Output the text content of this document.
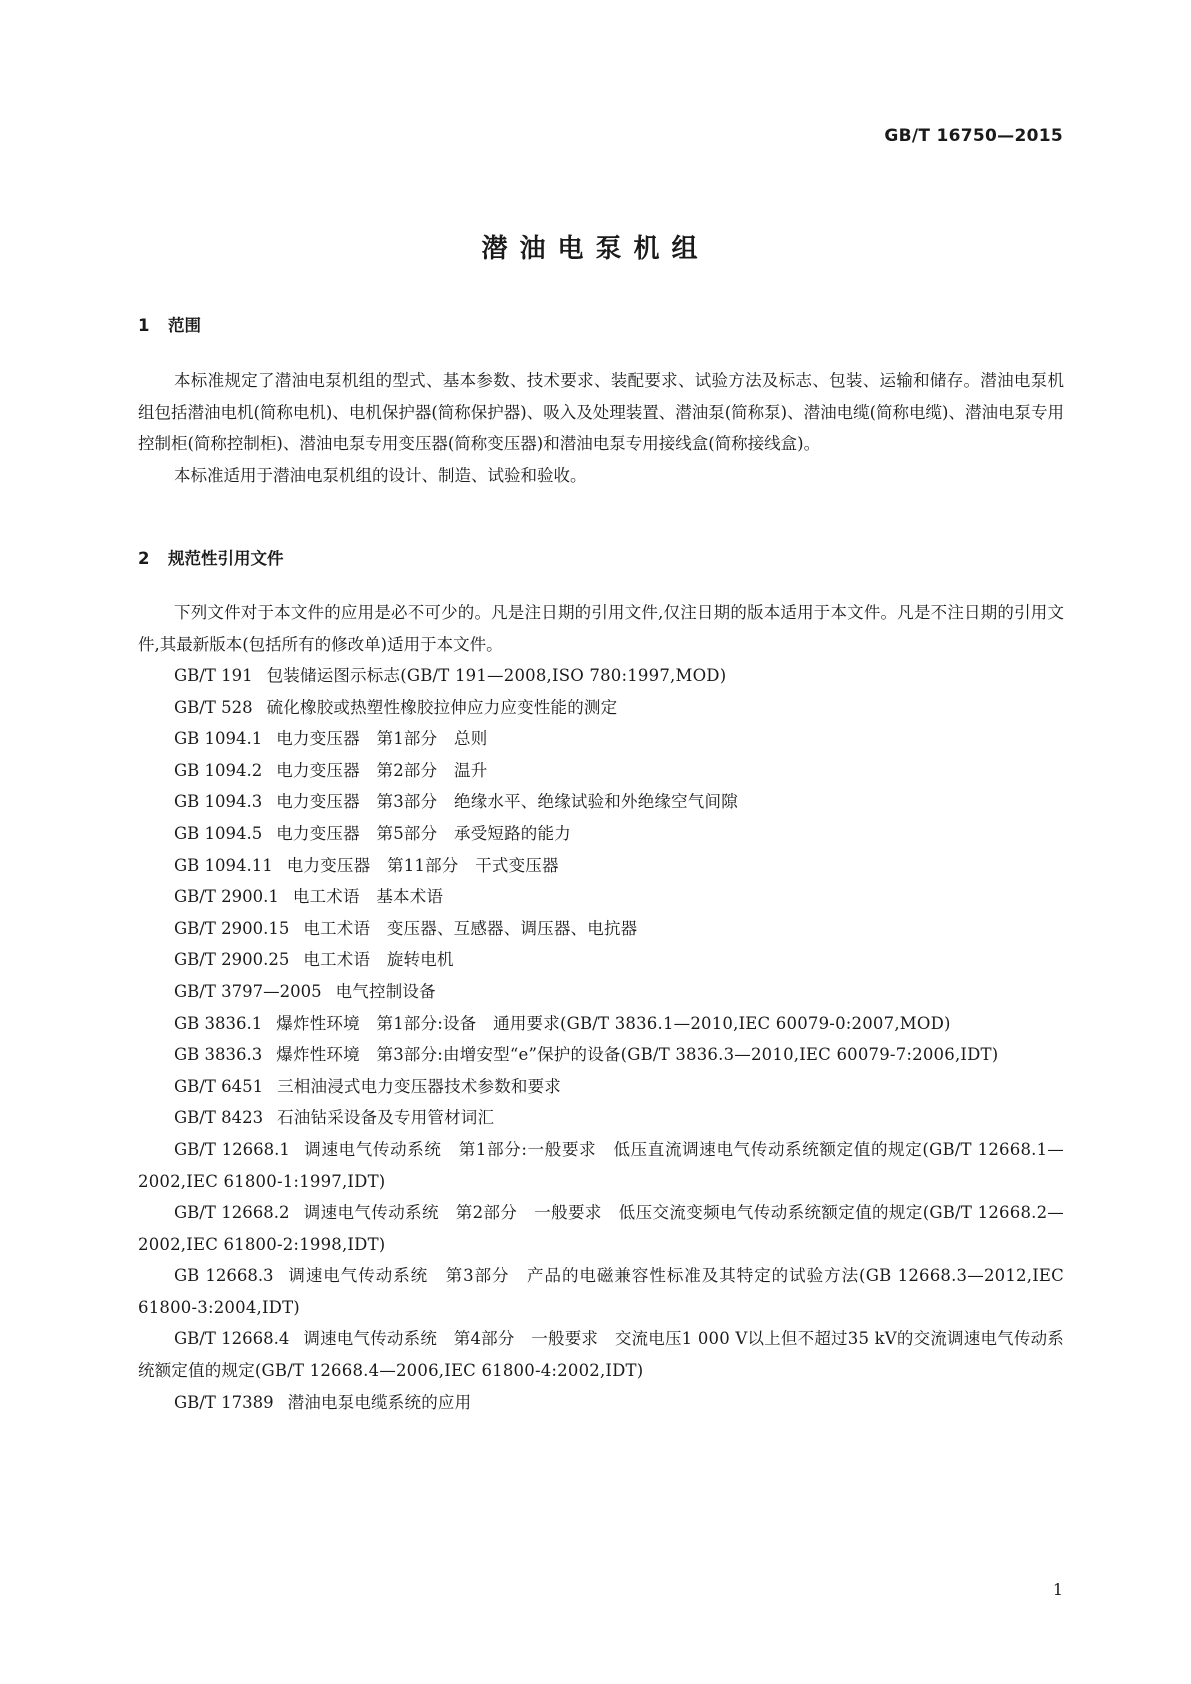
GB/T 16750—2015
潜油电泵机组
1 范围

本标准规定了潜油电泵机组的型式、基本参数、技术要求、装配要求、试验方法及标志、包装、运输和储存。潜油电泵机组包括潜油电机(简称电机)、电机保护器(简称保护器)、吸入及处理装置、潜油泵(简称泵)、潜油电缆(简称电缆)、潜油电泵专用控制柜(简称控制柜)、潜油电泵专用变压器(简称变压器)和潜油电泵专用接线盒(简称接线盒)。

本标准适用于潜油电泵机组的设计、制造、试验和验收。

2 规范性引用文件

下列文件对于本文件的应用是必不可少的。凡是注日期的引用文件,仅注日期的版本适用于本文件。凡是不注日期的引用文件,其最新版本(包括所有的修改单)适用于本文件。

GB/T 191 包装储运图示标志(GB/T 191—2008,ISO 780:1997,MOD)
GB/T 528 硫化橡胶或热塑性橡胶拉伸应力应变性能的测定
GB 1094.1 电力变压器　第1部分　总则
GB 1094.2 电力变压器　第2部分　温升
GB 1094.3 电力变压器　第3部分　绝缘水平、绝缘试验和外绝缘空气间隙
GB 1094.5 电力变压器　第5部分　承受短路的能力
GB 1094.11 电力变压器　第11部分　干式变压器
GB/T 2900.1 电工术语　基本术语
GB/T 2900.15 电工术语　变压器、互感器、调压器、电抗器
GB/T 2900.25 电工术语　旋转电机
GB/T 3797—2005 电气控制设备
GB 3836.1 爆炸性环境　第1部分:设备　通用要求(GB/T 3836.1—2010,IEC 60079-0:2007,MOD)
GB 3836.3 爆炸性环境　第3部分:由增安型“e”保护的设备(GB/T 3836.3—2010,IEC 60079-7:2006,IDT)
GB/T 6451 三相油浸式电力变压器技术参数和要求
GB/T 8423 石油钻采设备及专用管材词汇
GB/T 12668.1 调速电气传动系统　第1部分:一般要求　低压直流调速电气传动系统额定值的规定(GB/T 12668.1—2002,IEC 61800-1:1997,IDT)
GB/T 12668.2 调速电气传动系统　第2部分　一般要求　低压交流变频电气传动系统额定值的规定(GB/T 12668.2—2002,IEC 61800-2:1998,IDT)
GB 12668.3 调速电气传动系统　第3部分　产品的电磁兼容性标准及其特定的试验方法(GB 12668.3—2012,IEC 61800-3:2004,IDT)
GB/T 12668.4 调速电气传动系统　第4部分　一般要求　交流电压1 000 V以上但不超过35 kV的交流调速电气传动系统额定值的规定(GB/T 12668.4—2006,IEC 61800-4:2002,IDT)
GB/T 17389 潜油电泵电缆系统的应用
1
